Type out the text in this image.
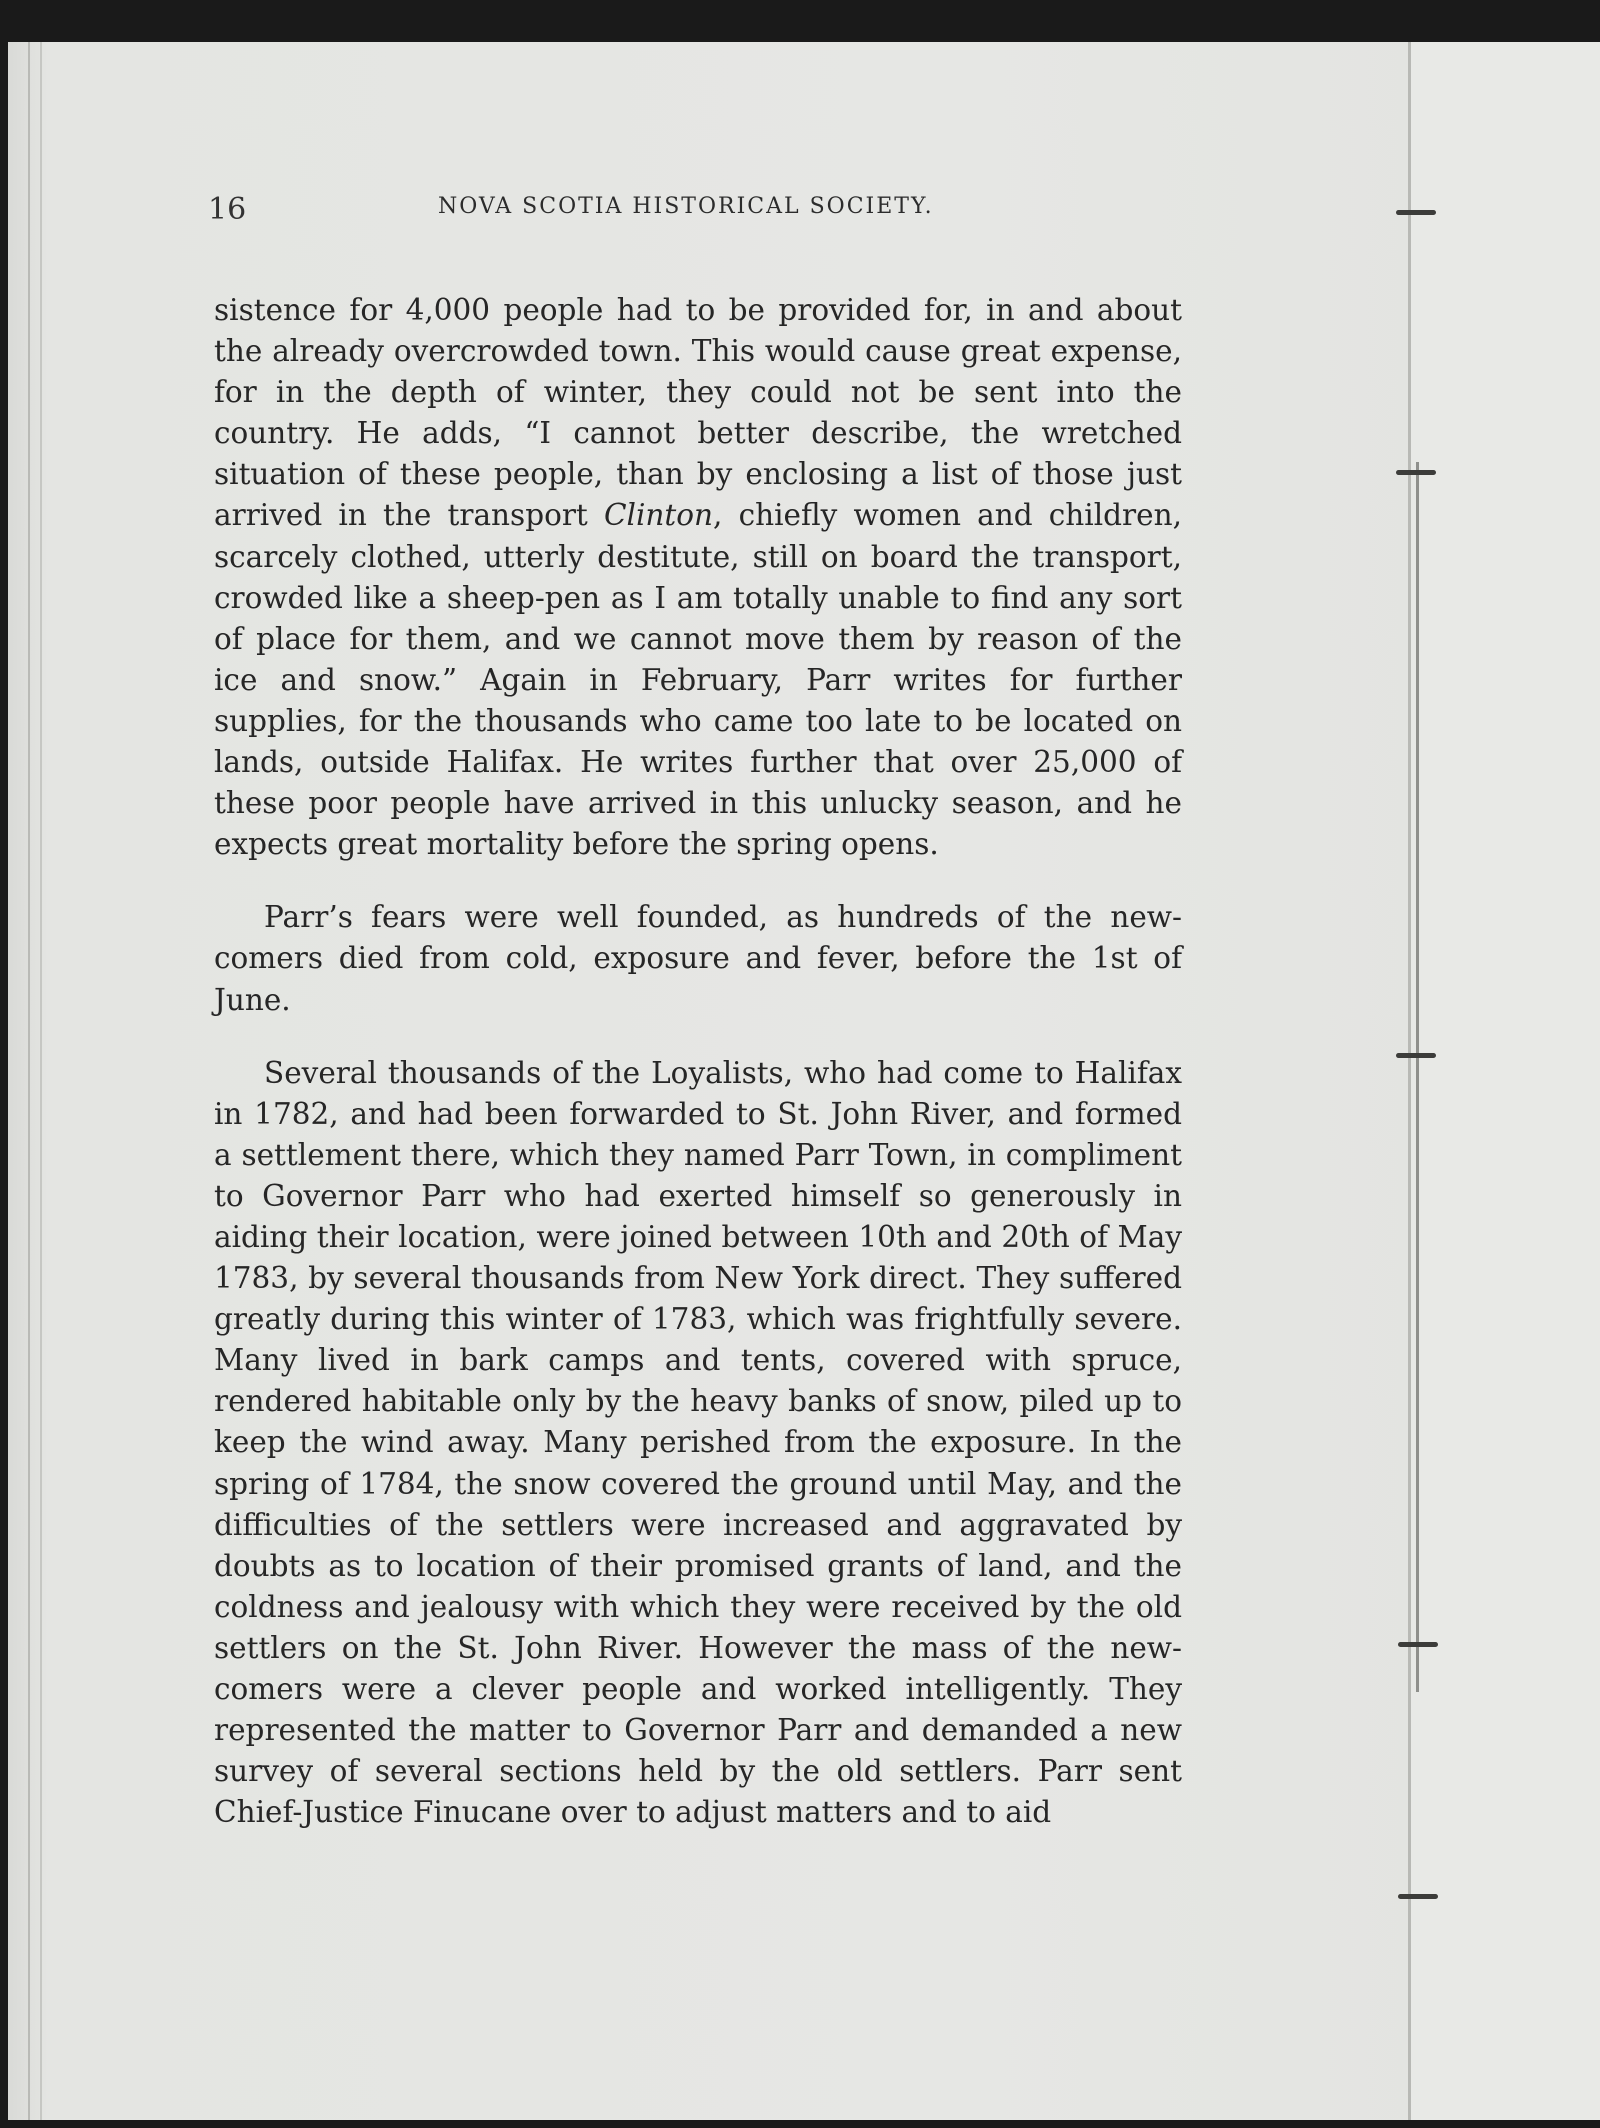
16	NOVA SCOTIA HISTORICAL SOCIETY.

sistence for 4,000 people had to be provided for, in and about the already overcrowded town. This would cause great expense, for in the depth of winter, they could not be sent into the country. He adds, “I cannot better describe, the wretched situation of these people, than by enclosing a list of those just arrived in the transport Clinton, chiefly women and children, scarcely clothed, utterly destitute, still on board the transport, crowded like a sheep-pen as I am totally unable to find any sort of place for them, and we cannot move them by reason of the ice and snow.” Again in February, Parr writes for further supplies, for the thousands who came too late to be located on lands, outside Halifax. He writes further that over 25,000 of these poor people have arrived in this unlucky season, and he expects great mortality before the spring opens.

Parr’s fears were well founded, as hundreds of the new-comers died from cold, exposure and fever, before the 1st of June.

Several thousands of the Loyalists, who had come to Halifax in 1782, and had been forwarded to St. John River, and formed a settlement there, which they named Parr Town, in compliment to Governor Parr who had exerted himself so generously in aiding their location, were joined between 10th and 20th of May 1783, by several thousands from New York direct. They suffered greatly during this winter of 1783, which was frightfully severe. Many lived in bark camps and tents, covered with spruce, rendered habitable only by the heavy banks of snow, piled up to keep the wind away. Many perished from the exposure. In the spring of 1784, the snow covered the ground until May, and the difficulties of the settlers were increased and aggravated by doubts as to location of their promised grants of land, and the coldness and jealousy with which they were received by the old settlers on the St. John River. However the mass of the new-comers were a clever people and worked intelligently. They represented the matter to Governor Parr and demanded a new survey of several sections held by the old settlers. Parr sent Chief-Justice Finucane over to adjust matters and to aid
